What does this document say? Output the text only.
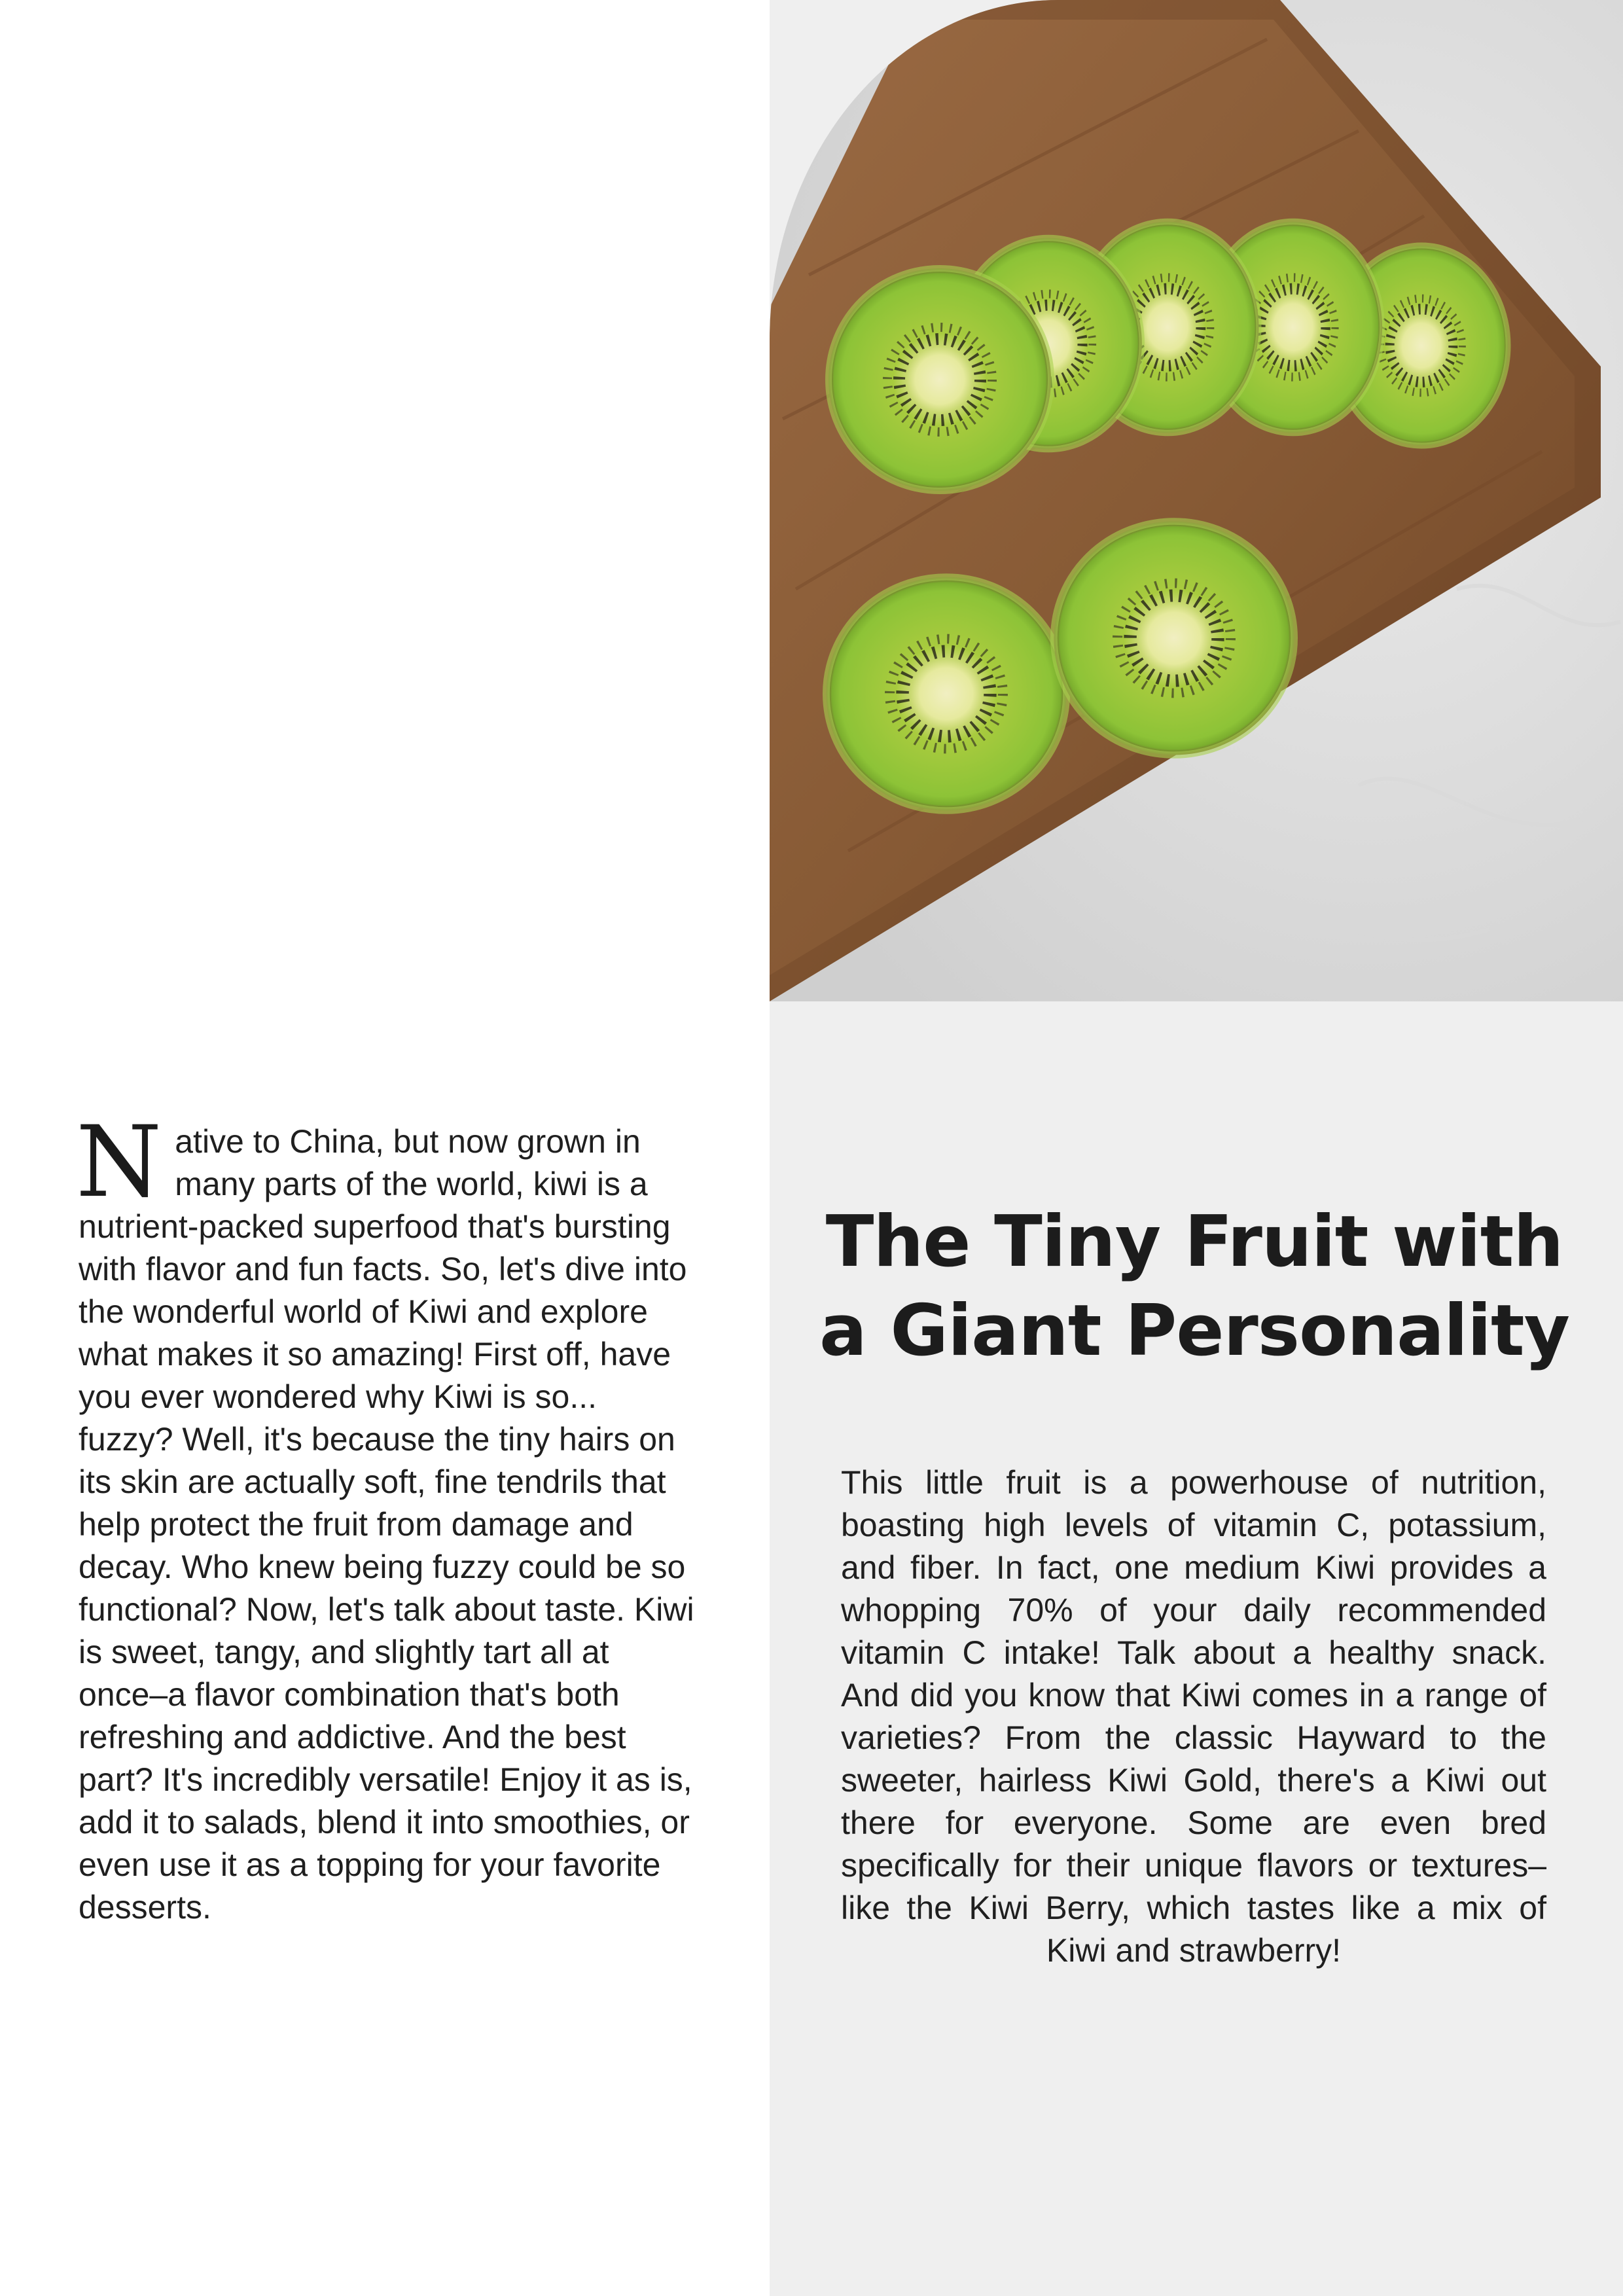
N ative to China, but now grown in many parts of the world, kiwi is a nutrient-packed superfood that's bursting with flavor and fun facts. So, let's dive into the wonderful world of Kiwi and explore what makes it so amazing! First off, have you ever wondered why Kiwi is so... fuzzy? Well, it's because the tiny hairs on its skin are actually soft, fine tendrils that help protect the fruit from damage and decay. Who knew being fuzzy could be so functional? Now, let's talk about taste. Kiwi is sweet, tangy, and slightly tart all at once–a flavor combination that's both refreshing and addictive. And the best part? It's incredibly versatile! Enjoy it as is, add it to salads, blend it into smoothies, or even use it as a topping for your favorite desserts.
The Tiny Fruit with a Giant Personality

This little fruit is a powerhouse of nutrition, boasting high levels of vitamin C, potassium, and fiber. In fact, one medium Kiwi provides a whopping 70% of your daily recommended vitamin C intake! Talk about a healthy snack. And did you know that Kiwi comes in a range of varieties? From the classic Hayward to the sweeter, hairless Kiwi Gold, there's a Kiwi out there for everyone. Some are even bred specifically for their unique flavors or textures–like the Kiwi Berry, which tastes like a mix of Kiwi and strawberry!
